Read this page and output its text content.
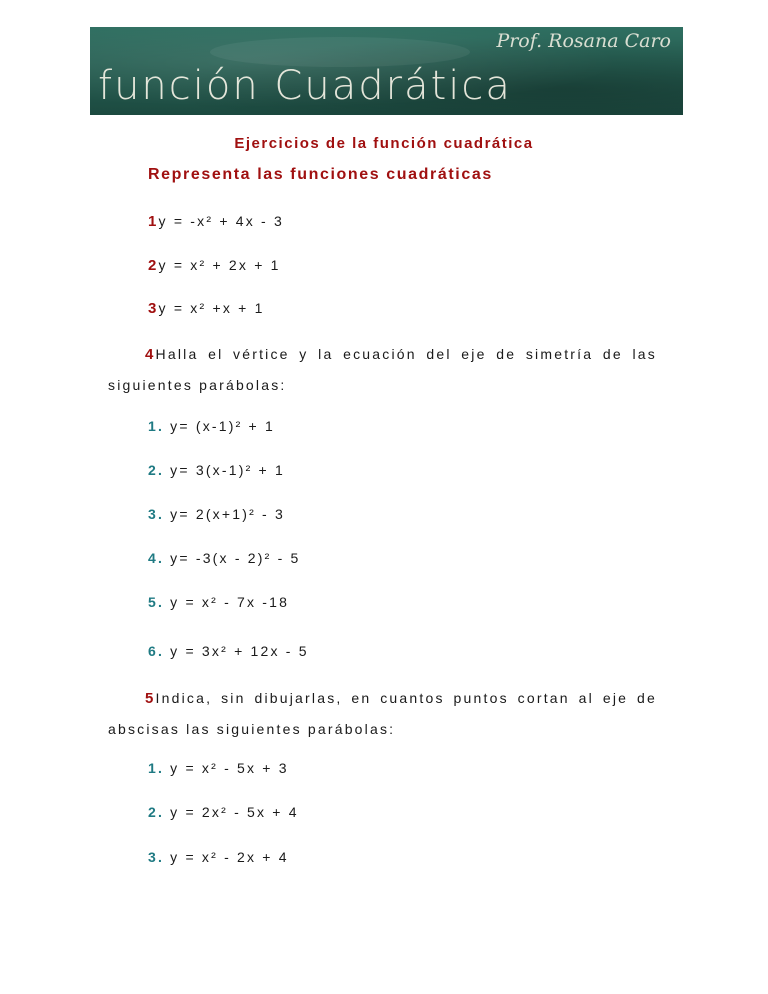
función Cuadrática
Prof. Rosana Caro
Ejercicios de la función cuadrática
Representa las funciones cuadráticas
1y = -x² + 4x - 3
2y = x² + 2x + 1
3y = x² +x + 1
4Halla el vértice y la ecuación del eje de simetría de las siguientes parábolas:
1. y= (x-1)² + 1
2. y= 3(x-1)² + 1
3. y= 2(x+1)² - 3
4. y= -3(x - 2)² - 5
5. y = x² - 7x -18
6. y = 3x² + 12x - 5
5Indica, sin dibujarlas, en cuantos puntos cortan al eje de abscisas las siguientes parábolas:
1. y = x² - 5x + 3
2. y = 2x² - 5x + 4
3. y = x² - 2x + 4
